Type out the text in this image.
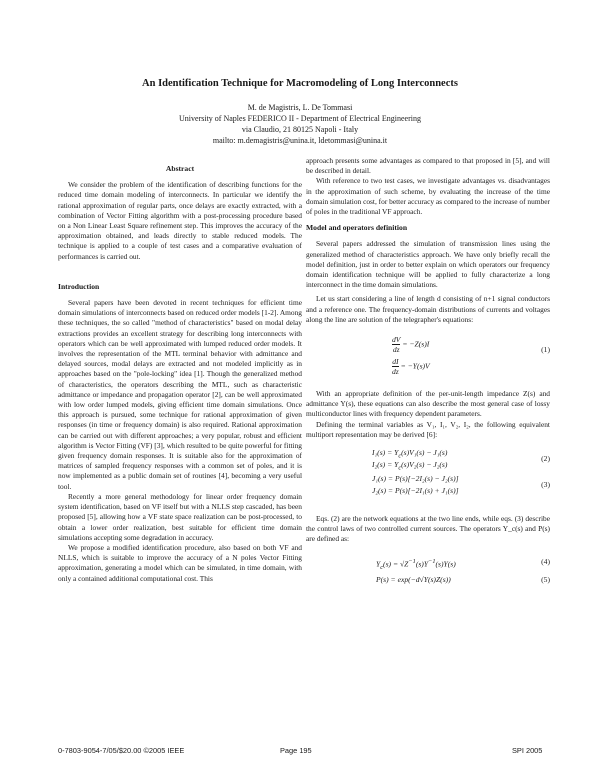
An Identification Technique for Macromodeling of Long Interconnects
M. de Magistris, L. De Tommasi
University of Naples FEDERICO II - Department of Electrical Engineering
via Claudio, 21 80125 Napoli - Italy
mailto: m.demagistris@unina.it, ldetommasi@unina.it
Abstract

We consider the problem of the identification of describing functions for the reduced time domain modeling of interconnects. In particular we identify the rational approximation of regular parts, once delays are exactly extracted, with a combination of Vector Fitting algorithm with a post-processing procedure based on a Non Linear Least Square refinement step. This improves the accuracy of the approximation obtained, and leads directly to stable reduced models. The technique is applied to a couple of test cases and a comparative evaluation of performances is carried out.

Introduction

Several papers have been devoted in recent techniques for efficient time domain simulations of interconnects based on reduced order models [1-2]. Among these techniques, the so called "method of characteristics" based on modal delay extractions provides an excellent strategy for describing long interconnects with operators which can be well approximated with lumped reduced order models. It involves the representation of the MTL terminal behavior with admittance and delayed sources, modal delays are extracted and not modeled implicitly as in approaches based on the "pole-locking" idea [1]. Though the generalized method of characteristics, the operators describing the MTL, such as characteristic admittance or impedance and propagation operator [2], can be well approximated with low order lumped models, giving efficient time domain simulations. Once this approach is pursued, some technique for rational approximation of given responses (in time or frequency domain) is also required. Rational approximation can be carried out with different approaches; a very popular, robust and efficient algorithm is Vector Fitting (VF) [3], which resulted to be quite powerful for fitting given frequency domain responses. It is suitable also for the approximation of matrices of sampled frequency responses with a common set of poles, and it is now implemented as a public domain set of routines [4], becoming a very useful tool.

Recently a more general methodology for linear order frequency domain system identification, based on VF itself but with a NLLS step cascaded, has been proposed [5], allowing how a VF state space realization can be post-processed, to obtain a lower order realization, best suitable for efficient time domain simulations accepting some degradation in accuracy.

We propose a modified identification procedure, also based on both VF and NLLS, which is suitable to improve the accuracy of a N poles Vector Fitting approximation, generating a model which can be simulated, in time domain, with only a contained additional computational cost. This

approach presents some advantages as compared to that proposed in [5], and will be described in detail.

With reference to two test cases, we investigate advantages vs. disadvantages in the approximation of such scheme, by evaluating the increase of the time domain simulation cost, for better accuracy as compared to the increase of number of poles in the traditional VF approach.

Model and operators definition

Several papers addressed the simulation of transmission lines using the generalized method of characteristics approach. We have only briefly recall the model definition, just in order to better explain on which operators our frequency domain identification technique will be applied to fully characterize a long interconnect in the time domain simulations.

Let us start considering a line of length d consisting of n+1 signal conductors and a reference one. The frequency-domain distributions of currents and voltages along the line are solution of the telegrapher's equations:

$\frac{dV}{dz} = -Z(s)I$
$\frac{dI}{dz} = -Y(s)V$
(1)

With an appropriate definition of the per-unit-length impedance Z(s) and admittance Y(s), these equations can also describe the most general case of lossy multiconductor lines with frequency dependent parameters.

Defining the terminal variables as V₁, I₁, V₂, I₂, the following equivalent multiport representation may be derived [6]:

$I_1(s) = Y_c(s)V_1(s) - J_1(s)$
$I_2(s) = Y_c(s)V_2(s) - J_2(s)$
J₁(s) = P(s)[−2I₂(s) − J₂(s)]
J₂(s) = P(s)[−2I₁(s) + J₁(s)]
(2)
(3)

Eqs. (2) are the network equations at the two line ends, while eqs. (3) describe the control laws of two controlled current sources. The operators Y_c(s) and P(s) are defined as:

$Y_c(s) = √Z^{-1}(s)Y^{-1}(s)Y(s)$
P(s) = exp(−d√Y(s)Z(s))
(4)
(5)
0-7803-9054-7/05/$20.00 ©2005 IEEE	Page 195	SPI 2005
